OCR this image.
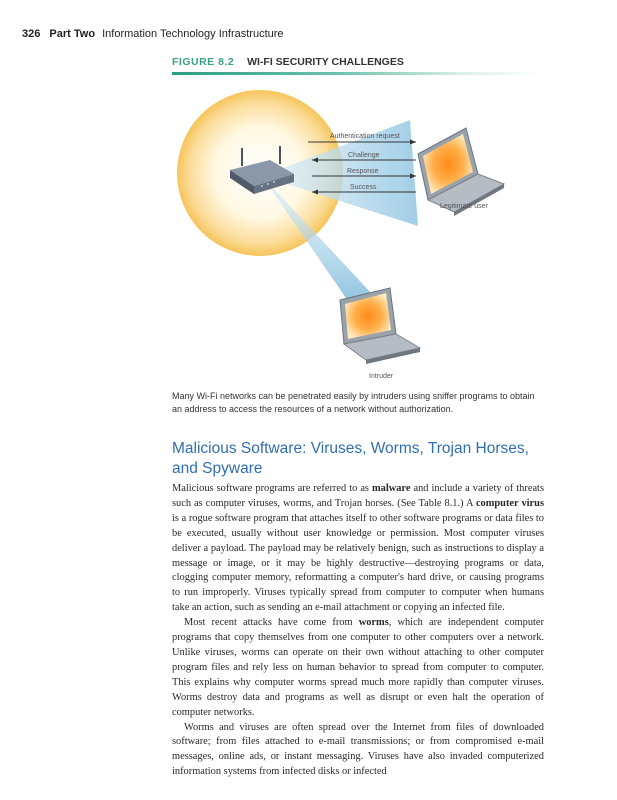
326 Part Two Information Technology Infrastructure
FIGURE 8.2 WI-FI SECURITY CHALLENGES
Authentication request
Challenge
Response
Success
Legitimate user
Intruder
Many Wi-Fi networks can be penetrated easily by intruders using sniffer programs to obtain an address to access the resources of a network without authorization.
Malicious Software: Viruses, Worms, Trojan Horses, and Spyware

Malicious software programs are referred to as malware and include a variety of threats such as computer viruses, worms, and Trojan horses. (See Table 8.1.) A computer virus is a rogue software program that attaches itself to other software programs or data files to be executed, usually without user knowledge or permission. Most computer viruses deliver a payload. The payload may be relatively benign, such as instructions to display a message or image, or it may be highly destructive—destroying programs or data, clogging computer memory, reformatting a computer's hard drive, or causing programs to run improperly. Viruses typically spread from computer to computer when humans take an action, such as sending an e-mail attachment or copying an infected file.

Most recent attacks have come from worms, which are independent computer programs that copy themselves from one computer to other computers over a network. Unlike viruses, worms can operate on their own without attaching to other computer program files and rely less on human behavior to spread from computer to computer. This explains why computer worms spread much more rapidly than computer viruses. Worms destroy data and programs as well as disrupt or even halt the operation of computer networks.

Worms and viruses are often spread over the Internet from files of downloaded software; from files attached to e-mail transmissions; or from compromised e-mail messages, online ads, or instant messaging. Viruses have also invaded computerized information systems from infected disks or infected
